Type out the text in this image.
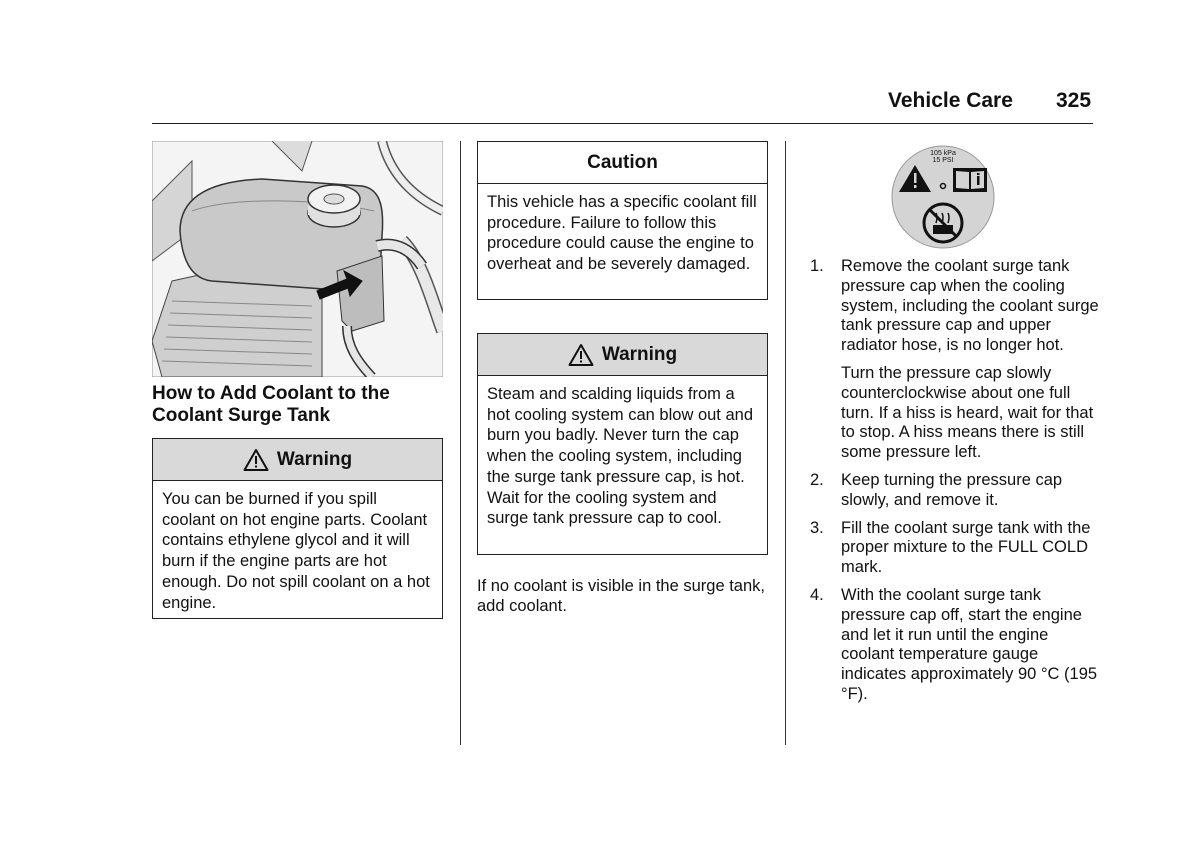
Vehicle Care 325
How to Add Coolant to the Coolant Surge Tank
Warning
You can be burned if you spill coolant on hot engine parts. Coolant contains ethylene glycol and it will burn if the engine parts are hot enough. Do not spill coolant on a hot engine.
Caution
This vehicle has a specific coolant fill procedure. Failure to follow this procedure could cause the engine to overheat and be severely damaged.
Warning
Steam and scalding liquids from a hot cooling system can blow out and burn you badly. Never turn the cap when the cooling system, including the surge tank pressure cap, is hot. Wait for the cooling system and surge tank pressure cap to cool.
If no coolant is visible in the surge tank, add coolant.
105 kPa
15 PSI
1.	Remove the coolant surge tank pressure cap when the cooling system, including the coolant surge tank pressure cap and upper radiator hose, is no longer hot.
Turn the pressure cap slowly counterclockwise about one full turn. If a hiss is heard, wait for that to stop. A hiss means there is still some pressure left.
2.	Keep turning the pressure cap slowly, and remove it.
3.	Fill the coolant surge tank with the proper mixture to the FULL COLD mark.
4.	With the coolant surge tank pressure cap off, start the engine and let it run until the engine coolant temperature gauge indicates approximately 90 °C (195 °F).
